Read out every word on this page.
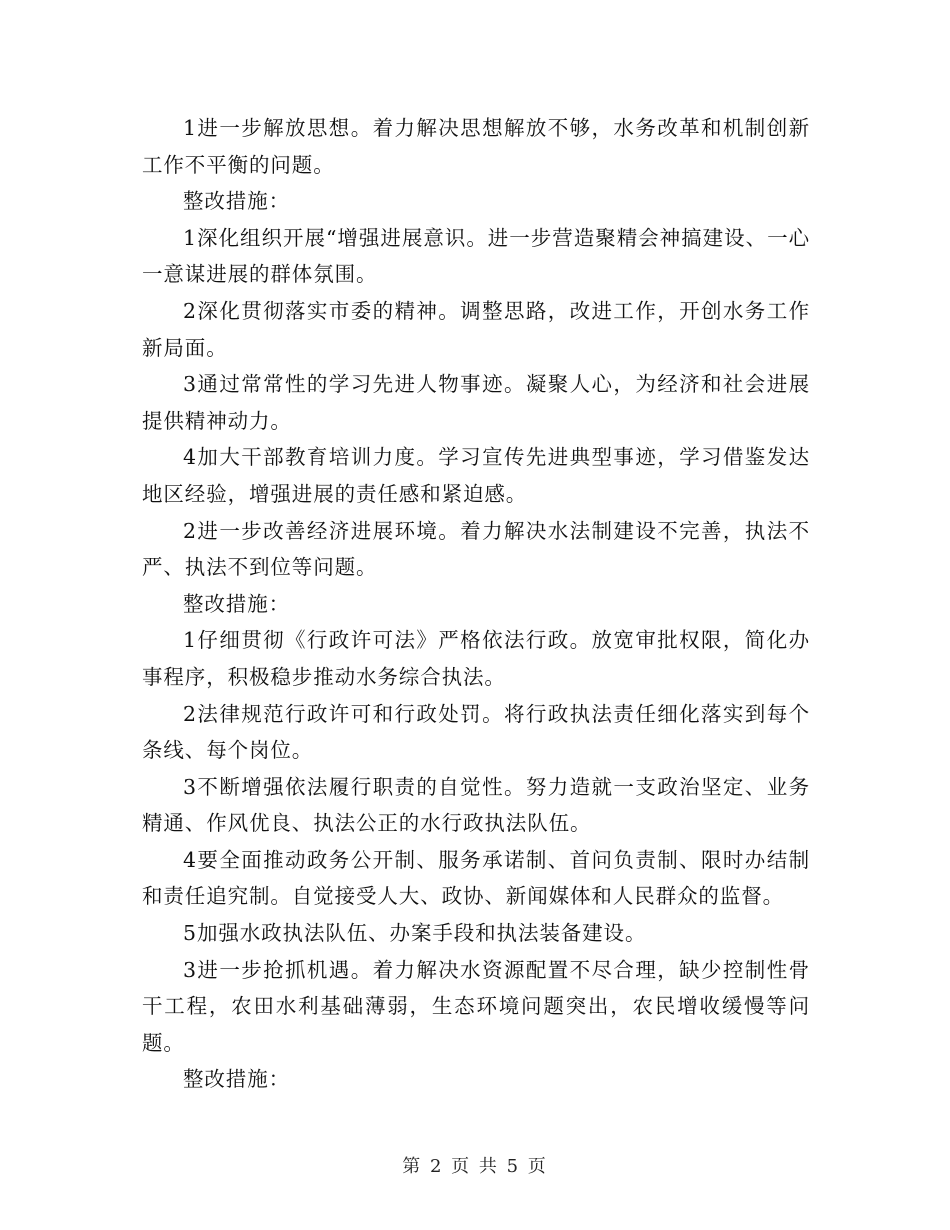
1进一步解放思想。着力解决思想解放不够，水务改革和机制创新工作不平衡的问题。

整改措施：

1深化组织开展“增强进展意识。进一步营造聚精会神搞建设、一心一意谋进展的群体氛围。

2深化贯彻落实市委的精神。调整思路，改进工作，开创水务工作新局面。

3通过常常性的学习先进人物事迹。凝聚人心，为经济和社会进展提供精神动力。

4加大干部教育培训力度。学习宣传先进典型事迹，学习借鉴发达地区经验，增强进展的责任感和紧迫感。

2进一步改善经济进展环境。着力解决水法制建设不完善，执法不严、执法不到位等问题。

整改措施：

1仔细贯彻《行政许可法》严格依法行政。放宽审批权限，简化办事程序，积极稳步推动水务综合执法。

2法律规范行政许可和行政处罚。将行政执法责任细化落实到每个条线、每个岗位。

3不断增强依法履行职责的自觉性。努力造就一支政治坚定、业务精通、作风优良、执法公正的水行政执法队伍。

4要全面推动政务公开制、服务承诺制、首问负责制、限时办结制和责任追究制。自觉接受人大、政协、新闻媒体和人民群众的监督。

5加强水政执法队伍、办案手段和执法装备建设。

3进一步抢抓机遇。着力解决水资源配置不尽合理，缺少控制性骨干工程，农田水利基础薄弱，生态环境问题突出，农民增收缓慢等问题。

整改措施：

第 2 页 共 5 页
